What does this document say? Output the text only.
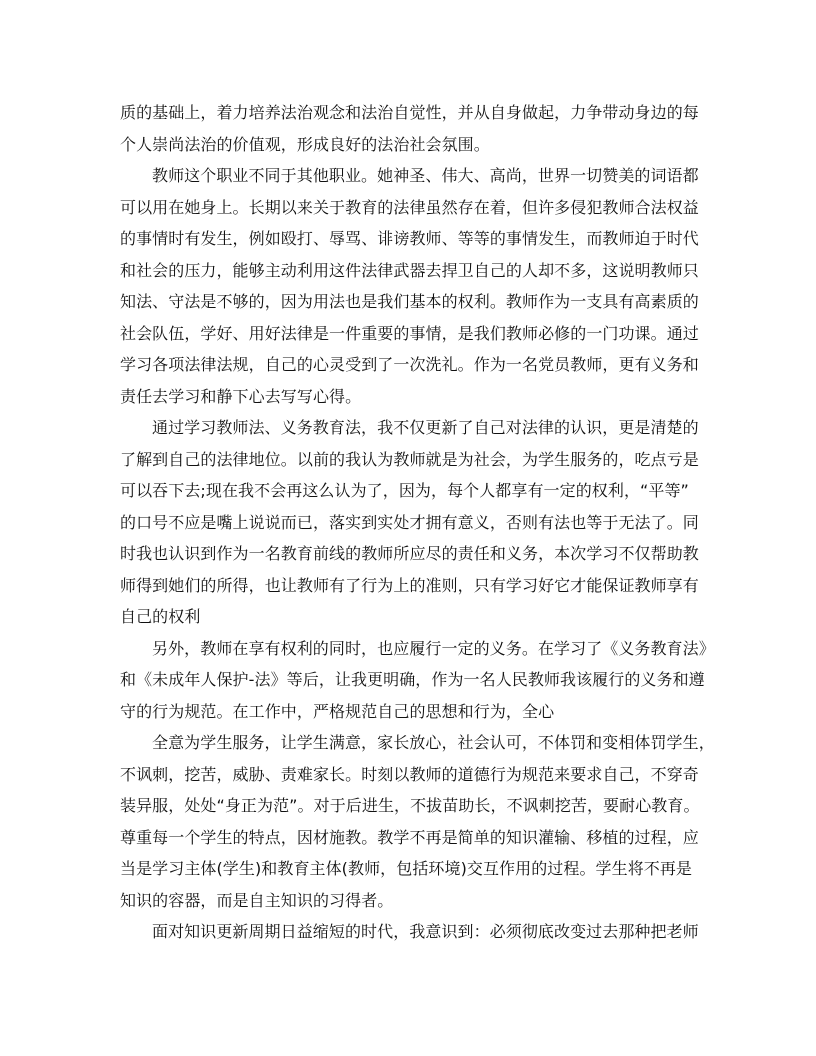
质的基础上，着力培养法治观念和法治自觉性，并从自身做起，力争带动身边的每
个人崇尚法治的价值观，形成良好的法治社会氛围。
教师这个职业不同于其他职业。她神圣、伟大、高尚，世界一切赞美的词语都
可以用在她身上。长期以来关于教育的法律虽然存在着，但许多侵犯教师合法权益
的事情时有发生，例如殴打、辱骂、诽谤教师、等等的事情发生，而教师迫于时代
和社会的压力，能够主动利用这件法律武器去捍卫自己的人却不多，这说明教师只
知法、守法是不够的，因为用法也是我们基本的权利。教师作为一支具有高素质的
社会队伍，学好、用好法律是一件重要的事情，是我们教师必修的一门功课。通过
学习各项法律法规，自己的心灵受到了一次洗礼。作为一名党员教师，更有义务和
责任去学习和静下心去写写心得。
通过学习教师法、义务教育法，我不仅更新了自己对法律的认识，更是清楚的
了解到自己的法律地位。以前的我认为教师就是为社会，为学生服务的，吃点亏是
可以吞下去;现在我不会再这么认为了，因为，每个人都享有一定的权利，“平等”
的口号不应是嘴上说说而已，落实到实处才拥有意义，否则有法也等于无法了。同
时我也认识到作为一名教育前线的教师所应尽的责任和义务，本次学习不仅帮助教
师得到她们的所得，也让教师有了行为上的准则，只有学习好它才能保证教师享有
自己的权利
另外，教师在享有权利的同时，也应履行一定的义务。在学习了《义务教育法》
和《未成年人保护-法》等后，让我更明确，作为一名人民教师我该履行的义务和遵
守的行为规范。在工作中，严格规范自己的思想和行为，全心
全意为学生服务，让学生满意，家长放心，社会认可，不体罚和变相体罚学生，
不讽刺，挖苦，威胁、责难家长。时刻以教师的道德行为规范来要求自己，不穿奇
装异服，处处“身正为范”。对于后进生，不拔苗助长，不讽刺挖苦，要耐心教育。
尊重每一个学生的特点，因材施教。教学不再是简单的知识灌输、移植的过程，应
当是学习主体(学生)和教育主体(教师，包括环境)交互作用的过程。学生将不再是
知识的容器，而是自主知识的习得者。
面对知识更新周期日益缩短的时代，我意识到：必须彻底改变过去那种把老师
